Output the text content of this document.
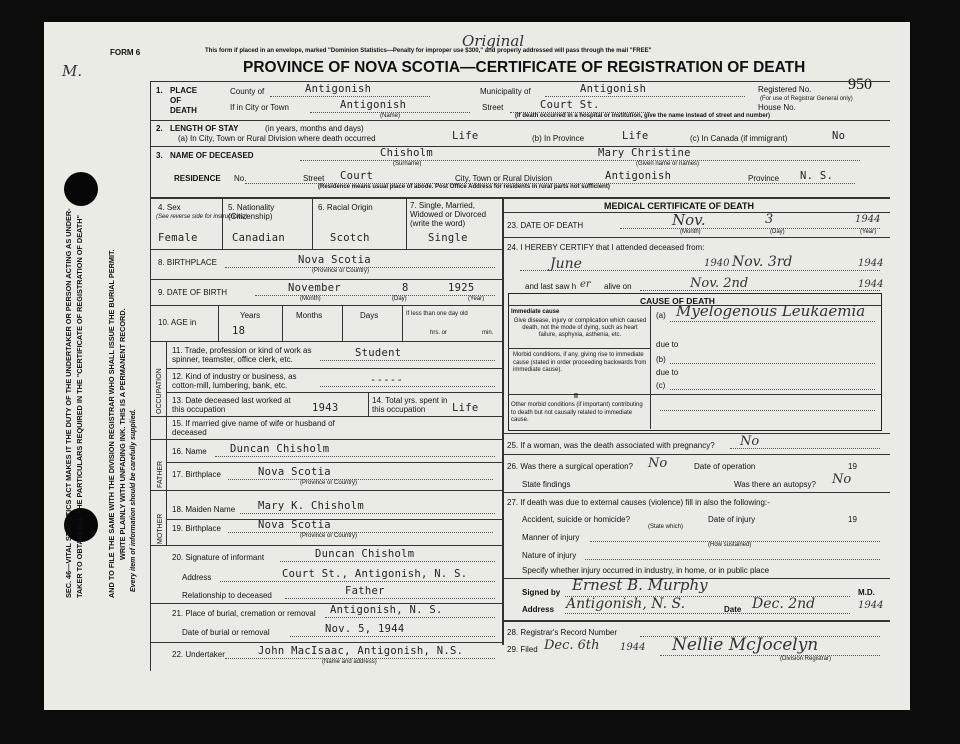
M.
SEC. 46—VITAL STATISTICS ACT MAKES IT THE DUTY OF THE UNDERTAKER OR PERSON ACTING AS UNDER- TAKER TO OBTAIN ALL THE PARTICULARS REQUIRED IN THE "CERTIFICATE OF REGISTRATION OF DEATH"	AND TO FILE THE SAME WITH THE DIVISION REGISTRAR WHO SHALL ISSUE THE BURIAL PERMIT. WRITE PLAINLY WITH UNFADING INK. THIS IS A PERMANENT RECORD. Every item of information should be carefully supplied.
FORM 6	This form if placed in an envelope, marked "Dominion Statistics—Penalty for improper use $300," and properly addressed will pass through the mail "FREE"
Original
PROVINCE OF NOVA SCOTIA—CERTIFICATE OF REGISTRATION OF DEATH
Registered No. 950
(For use of Registrar General only)
1. PLACE OF DEATH
County of	Antigonish	Municipality of	Antigonish
If in City or Town	Antigonish
(Name)
Street	Court St.	House No.
(If death occurred in a hospital or institution, give the name instead of street and number)
2. LENGTH OF STAY	(in years, months and days)
(a) In City, Town or Rural Division where death occurred	Life	(b) In Province	Life	(c) In Canada (if immigrant)	No
3. NAME OF DECEASED	Chisholm
(Surname)
Mary Christine
(Given name or names)
RESIDENCE No.	Street Court	City, Town or Rural Division	Antigonish	Province N. S.
(Residence means usual place of abode. Post Office Address for residents in rural parts not sufficient)
4. Sex
(See reverse side for instructions.)
Female
5. Nationality (Citizenship)
Canadian
6. Racial Origin
Scotch
7. Single, Married, Widowed or Divorced (write the word)
Single
8. BIRTHPLACE	Nova Scotia
(Province or Country)
9. DATE OF BIRTH	November	8	1925
(Month)	(Day)	(Year)
10. AGE in
Years
18
Months	Days	If less than one day old
hrs. or	min.
OCCUPATION
11. Trade, profession or kind of work as spinner, teamster, office clerk, etc.
Student
12. Kind of industry or business, as cotton-mill, lumbering, bank, etc.	-----
13. Date deceased last worked at this occupation	1943
14. Total yrs. spent in this occupation	Life
15. If married give name of wife or husband of deceased
FATHER
MOTHER
16. Name Duncan Chisholm
17. Birthplace	Nova Scotia
(Province or Country)
18. Maiden Name Mary K. Chisholm
19. Birthplace	Nova Scotia
(Province or Country)
20. Signature of informant	Duncan Chisholm
Address	Court St., Antigonish, N. S.
Relationship to deceased	Father
21. Place of burial, cremation or removal Antigonish, N. S.
Date of burial or removal	Nov. 5, 1944
22. Undertaker	John MacIsaac, Antigonish, N.S.
(Name and address)
MEDICAL CERTIFICATE OF DEATH
23. DATE OF DEATH	Nov.	3	1944
(Month)	(Day)	(Year)
24. I HEREBY CERTIFY that I attended deceased from:
June	1940 Nov. 3rd	1944
and last saw h er alive on	Nov. 2nd	1944
CAUSE OF DEATH
Immediate cause
Give disease, injury or complication which caused death, not the mode of dying, such as heart failure, asphyxia, asthenia, etc.
(a) Myelogenous Leukaemia
due to
(b)
due to
(c)
Morbid conditions, if any, giving rise to immediate cause (stated in order proceeding backwards from immediate cause).
II
Other morbid conditions (if important) contributing to death but not causally related to immediate cause.
25. If a woman, was the death associated with pregnancy? No
26. Was there a surgical operation? No	Date of operation	19
State findings	Was there an autopsy? No
27. If death was due to external causes (violence) fill in also the following:-
Accident, suicide or homicide?
(State which)
Date of injury	19
Manner of injury
(How sustained)
Nature of injury
Specify whether injury occurred in industry, in home, or in public place
Signed by Ernest B. Murphy	M.D.
Address Antigonish, N. S.	Date Dec. 2nd	1944
28. Registrar's Record Number
29. Filed Dec. 6th 1944 Nellie McJocelyn
(Division Registrar)
